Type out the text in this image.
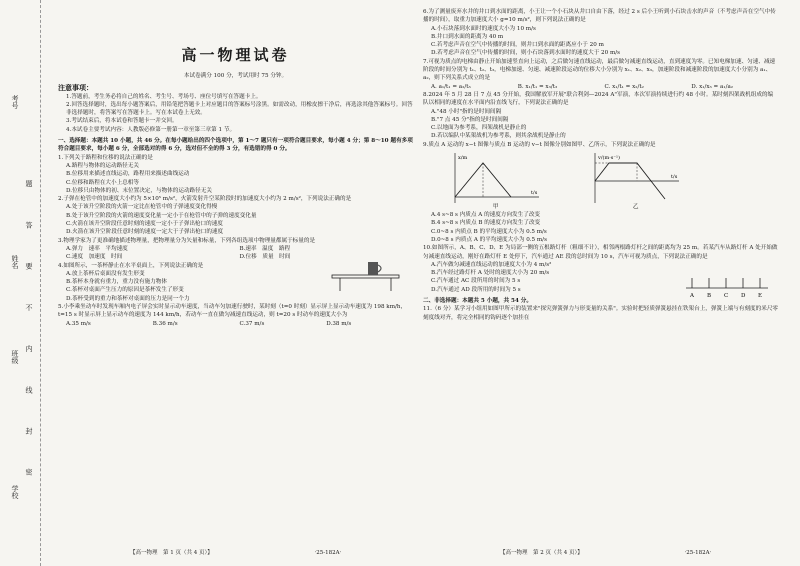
考号
姓名
班级
学校
题 答 要 不 内 线 封 密
高一物理试卷

本试卷满分 100 分，考试用时 75 分钟。

注意事项：

1.答题前，考生务必将自己的姓名、考生号、考场号、座位号填写在答题卡上。

2.回答选择题时，选出每小题答案后，用铅笔把答题卡上对应题目的答案标号涂黑。如需改动，用橡皮擦干净后，再选涂其他答案标号。回答非选择题时，将答案写在答题卡上。写在本试卷上无效。

3.考试结束后，将本试卷和答题卡一并交回。

4.本试卷主要考试内容：人教版必修第一册第一章至第三章第 1 节。

一、选择题：本题共 10 小题，共 46 分。在每小题给出的四个选项中，第 1～7 题只有一项符合题目要求，每小题 4 分；第 8～10 题有多项符合题目要求，每小题 6 分，全部选对的得 6 分，选对但不全的得 3 分，有选错的得 0 分。

1.下列关于路程和位移的说法正确的是

A.路程与物体的运动路径无关

B.位移用来描述直线运动，路程用来描述曲线运动

C.位移和路程在大小上总相等

D.位移只由物体的初、末位置决定，与物体的运动路径无关

2.子弹在枪管中的加速度大小约为 5×10⁵ m/s²，火箭发射升空某阶段时的加速度大小约为 2 m/s²，下列说法正确的是

A.处于该升空阶段的火箭一定比在枪管中的子弹速度变化得慢

B.处于该升空阶段的火箭的速度变化量一定小于在枪管中的子弹的速度变化量

C.火箭在该升空阶段任意时刻的速度一定小于子弹出枪口的速度

D.火箭在该升空阶段任意时刻的速度一定大于子弹出枪口的速度

3.物理学家为了更准确地描述物理量，把物理量分为矢量和标量，下列各组选项中物理量都属于标量的是

A.弹力　速率　平均速度	B.速率　温度　路程
C.速度　加速度　时间	D.位移　质量　时间

4.如图所示，一茶杯静止在水平桌面上，下列说法正确的是

A.放上茶杯后桌面没有发生形变

B.茶杯本身就有重力，重力没有施力物体

C.茶杯对桌面产生压力的原因是茶杯发生了形变

D.茶杯受到的重力和茶杯对桌面的压力是同一个力

5.小李乘坐动车时发现车厢内电子屏会实时显示动车速度，当动车匀加速行驶时，某时刻（t=0 时刻）显示屏上显示动车速度为 198 km/h，t=15 s 时显示屏上显示动车的速度为 144 km/h，若动车一直在做匀减速直线运动，则 t=20 s 时动车的速度大小为

A.35 m/s	B.36 m/s	C.37 m/s	D.38 m/s
【高一物理　第 1 页（共 4 页）】	·25-182A·

6.为了测量废弃水井的井口到水面的距离，小王让一个小石块从井口自由下落，经过 2 s 后小王听到小石块击水的声音（不考虑声音在空气中传播的时间），取重力加速度大小 g=10 m/s²，则下列说法正确的是

A.小石块落到水面时的速度大小为 10 m/s

B.井口到水面的距离为 40 m

C.若考虑声音在空气中传播的时间，则井口到水面的距离应小于 20 m

D.若考虑声音在空气中传播的时间，则小石块落到水面时的速度大于 20 m/s

7.可视为质点的电梯由静止开始加速竖直向上运动，之后做匀速直线运动，最后做匀减速直线运动，直到速度为零。已知电梯加速、匀速、减速阶段的时间分别为 t₁、t₂、t₃，电梯加速、匀速、减速阶段运动的位移大小分别为 x₁、x₂、x₃，加速阶段和减速阶段的加速度大小分别为 a₁、a₂，则下列关系式成立的是

A. a₁/t₁ = a₂/t₃	B. x₁/t₁ = x₃/t₃	C. x₁/t₁ = x₂/t₂	D. x₁/x₃ = a₁/a₂

8.2024 年 5 月 28 日 7 点 45 分开始，我国解放军开展"联合利剑—2024 A"军演，本次军演持续进行约 48 小时。某时刻四架战机组成的编队以相同的速度在水平面内沿直线飞行，下列说法正确的是

A."48 小时"指的是时间间隔

B."7 点 45 分"指的是时间间隔

C.以地面为参考系，四架战机是静止的

D.若以编队中某架战机为参考系，则其余战机是静止的

9.质点 A 运动的 x−t 图像与质点 B 运动的 v−t 图像分别如图甲、乙所示，下列说法正确的是

x/m
t/s
甲
v/(m·s⁻¹)
t/s
乙

A.4 s~8 s 内质点 A 的速度方向发生了改变

B.4 s~8 s 内质点 B 的速度方向发生了改变

C.0~8 s 内质点 B 的平均速度大小为 0.5 m/s

D.0~8 s 内质点 A 的平均速度大小为 0.5 m/s

10.如图所示，A、B、C、D、E 为局部一侧的五根路灯杆（粗细不计），相邻两根路灯杆之间的距离均为 25 m。若某汽车从路灯杆 A 处开始做匀减速直线运动，刚好在路灯杆 E 处停下，汽车通过 AE 段的总时间为 10 s，汽车可视为质点，下列说法正确的是

A.汽车做匀减速直线运动的加速度大小为 4 m/s²

B.汽车经过路灯杆 A 处时的速度大小为 20 m/s

C.汽车通过 AC 段所用的时间为 5 s

D.汽车通过 AD 段所用的时间为 5 s

A B C D E

二、非选择题：本题共 5 小题，共 54 分。

11.（6 分）某学习小组用如图甲所示的装置来"探究弹簧弹力与形变量的关系"。实验时把轻质弹簧悬挂在铁架台上，弹簧上端与有刻度的米尺零刻度线对齐，将完全相同的钩码逐个加挂在

【高一物理　第 2 页（共 4 页）】	·25-182A·
